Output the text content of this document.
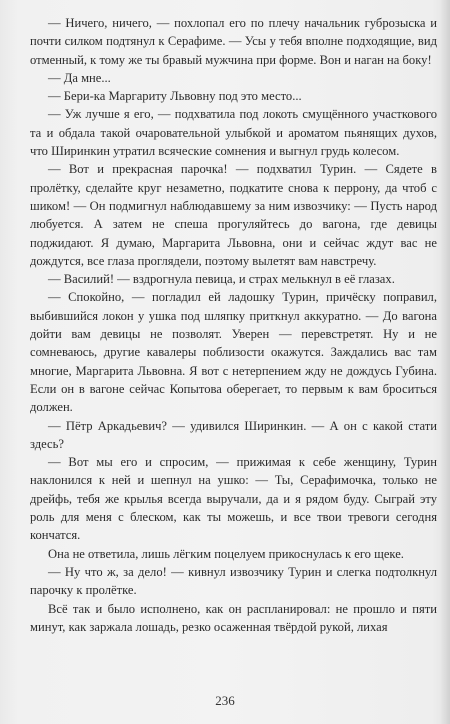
— Ничего, ничего, — похлопал его по плечу начальник губрозыска и почти силком подтянул к Серафиме. — Усы у тебя вполне подходящие, вид отменный, к тому же ты бравый мужчина при форме. Вон и наган на боку!

— Да мне...

— Бери-ка Маргариту Львовну под это место...

— Уж лучше я его, — подхватила под локоть смущённого участкового та и обдала такой очаровательной улыбкой и ароматом пьянящих духов, что Ширинкин утратил всяческие сомнения и выгнул грудь колесом.

— Вот и прекрасная парочка! — подхватил Турин. — Сядете в пролётку, сделайте круг незаметно, подкатите снова к перрону, да чтоб с шиком! — Он подмигнул наблюдавшему за ним извозчику: — Пусть народ любуется. А затем не спеша прогуляйтесь до вагона, где девицы поджидают. Я думаю, Маргарита Львовна, они и сейчас ждут вас не дождутся, все глаза проглядели, поэтому вылетят вам навстречу.

— Василий! — вздрогнула певица, и страх мелькнул в её глазах.

— Спокойно, — погладил ей ладошку Турин, причёску поправил, выбившийся локон у ушка под шляпку приткнул аккуратно. — До вагона дойти вам девицы не позволят. Уверен — перевстретят. Ну и не сомневаюсь, другие кавалеры поблизости окажутся. Заждались вас там многие, Маргарита Львовна. Я вот с нетерпением жду не дождусь Губина. Если он в вагоне сейчас Копытова оберегает, то первым к вам броситься должен.

— Пётр Аркадьевич? — удивился Ширинкин. — А он с какой стати здесь?

— Вот мы его и спросим, — прижимая к себе женщину, Турин наклонился к ней и шепнул на ушко: — Ты, Серафимочка, только не дрейфь, тебя же крылья всегда выручали, да и я рядом буду. Сыграй эту роль для меня с блеском, как ты можешь, и все твои тревоги сегодня кончатся.

Она не ответила, лишь лёгким поцелуем прикоснулась к его щеке.

— Ну что ж, за дело! — кивнул извозчику Турин и слегка подтолкнул парочку к пролётке.

Всё так и было исполнено, как он распланировал: не прошло и пяти минут, как заржала лошадь, резко осаженная твёрдой рукой, лихая

236
